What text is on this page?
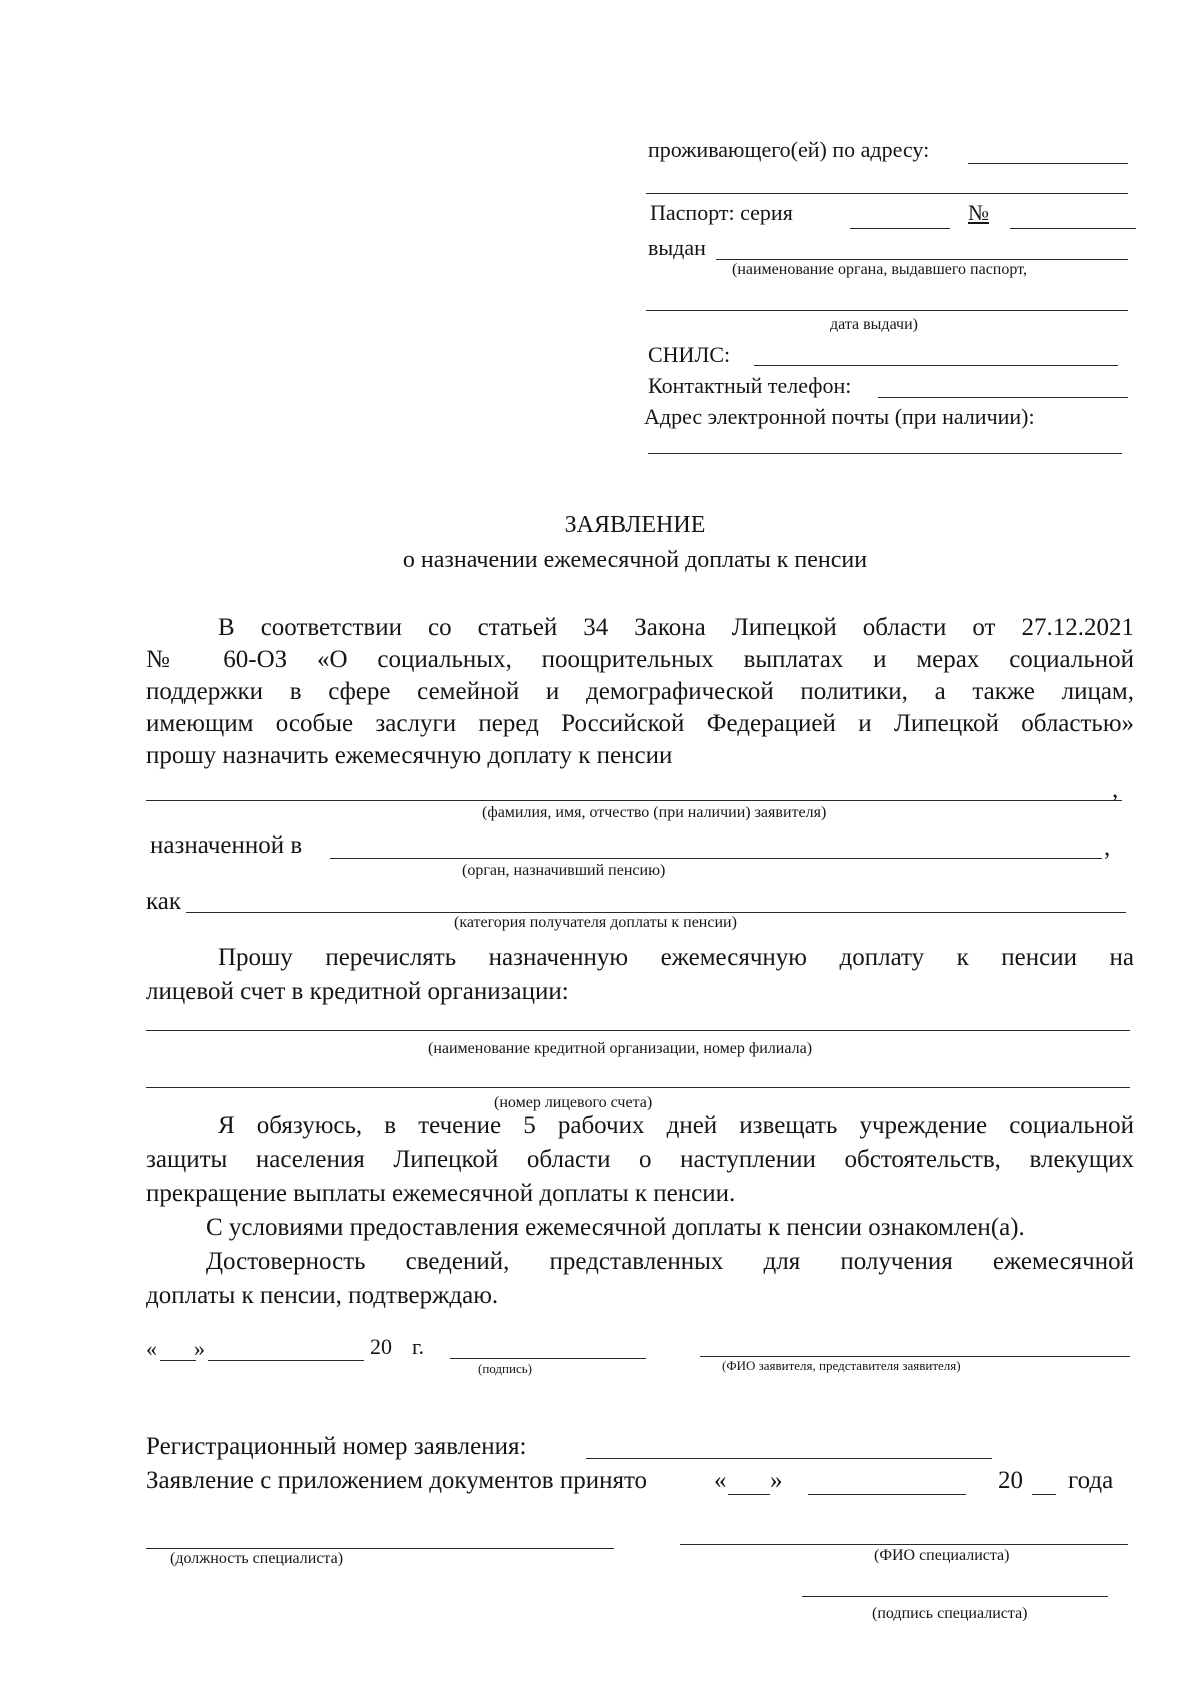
проживающего(ей) по адресу:
Паспорт: серия	№
выдан
(наименование органа, выдавшего паспорт,
дата выдачи)
СНИЛС:
Контактный телефон:
Адрес электронной почты (при наличии):
ЗАЯВЛЕНИЕ
о назначении ежемесячной доплаты к пенсии
В соответствии со статьей 34 Закона Липецкой области от 27.12.2021
№ 60-ОЗ «О социальных, поощрительных выплатах и мерах социальной
поддержки в сфере семейной и демографической политики, а также лицам,
имеющим особые заслуги перед Российской Федерацией и Липецкой областью»
прошу назначить ежемесячную доплату к пенсии
,
(фамилия, имя, отчество (при наличии) заявителя)
назначенной в	,
(орган, назначивший пенсию)
как
(категория получателя доплаты к пенсии)
Прошу перечислять назначенную ежемесячную доплату к пенсии на
лицевой счет в кредитной организации:
(наименование кредитной организации, номер филиала)
(номер лицевого счета)
Я обязуюсь, в течение 5 рабочих дней извещать учреждение социальной
защиты населения Липецкой области о наступлении обстоятельств, влекущих
прекращение выплаты ежемесячной доплаты к пенсии.
С условиями предоставления ежемесячной доплаты к пенсии ознакомлен(а).
Достоверность сведений, представленных для получения ежемесячной
доплаты к пенсии, подтверждаю.
« »	20 г.
(подпись)	(ФИО заявителя, представителя заявителя)
Регистрационный номер заявления:
Заявление с приложением документов принято	« »	20 года
(должность специалиста)	(ФИО специалиста)
(подпись специалиста)
